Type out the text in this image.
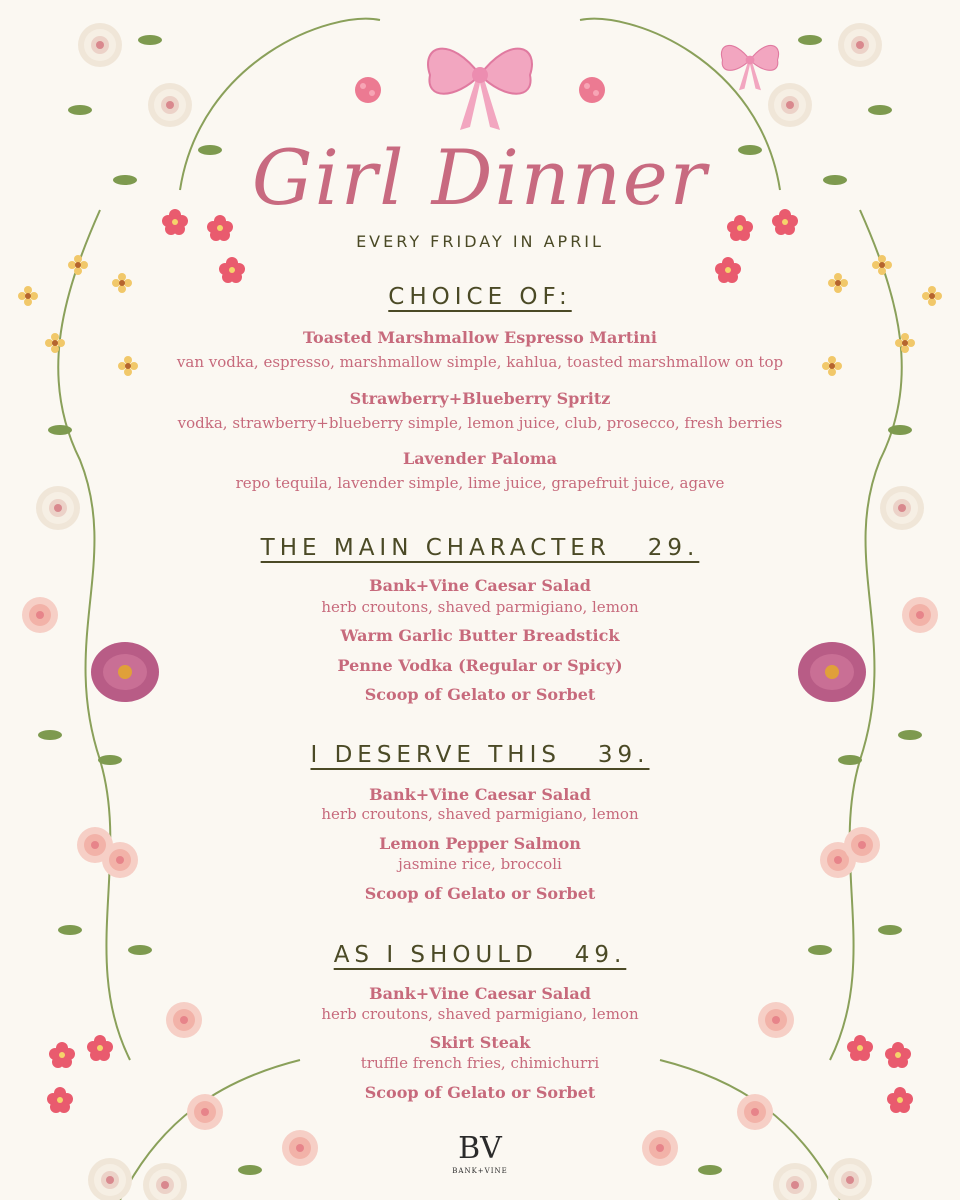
Girl Dinner
EVERY FRIDAY IN APRIL
CHOICE OF:
Toasted Marshmallow Espresso Martini
van vodka, espresso, marshmallow simple, kahlua, toasted marshmallow on top
Strawberry+Blueberry Spritz
vodka, strawberry+blueberry simple, lemon juice, club, prosecco, fresh berries
Lavender Paloma
repo tequila, lavender simple, lime juice, grapefruit juice, agave
THE MAIN CHARACTER   29.
Bank+Vine Caesar Salad
herb croutons, shaved parmigiano, lemon
Warm Garlic Butter Breadstick
Penne Vodka (Regular or Spicy)
Scoop of Gelato or Sorbet
I DESERVE THIS   39.
Bank+Vine Caesar Salad
herb croutons, shaved parmigiano, lemon
Lemon Pepper Salmon
jasmine rice, broccoli
Scoop of Gelato or Sorbet
AS I SHOULD   49.
Bank+Vine Caesar Salad
herb croutons, shaved parmigiano, lemon
Skirt Steak
truffle french fries, chimichurri
Scoop of Gelato or Sorbet
BV
BANK+VINE
